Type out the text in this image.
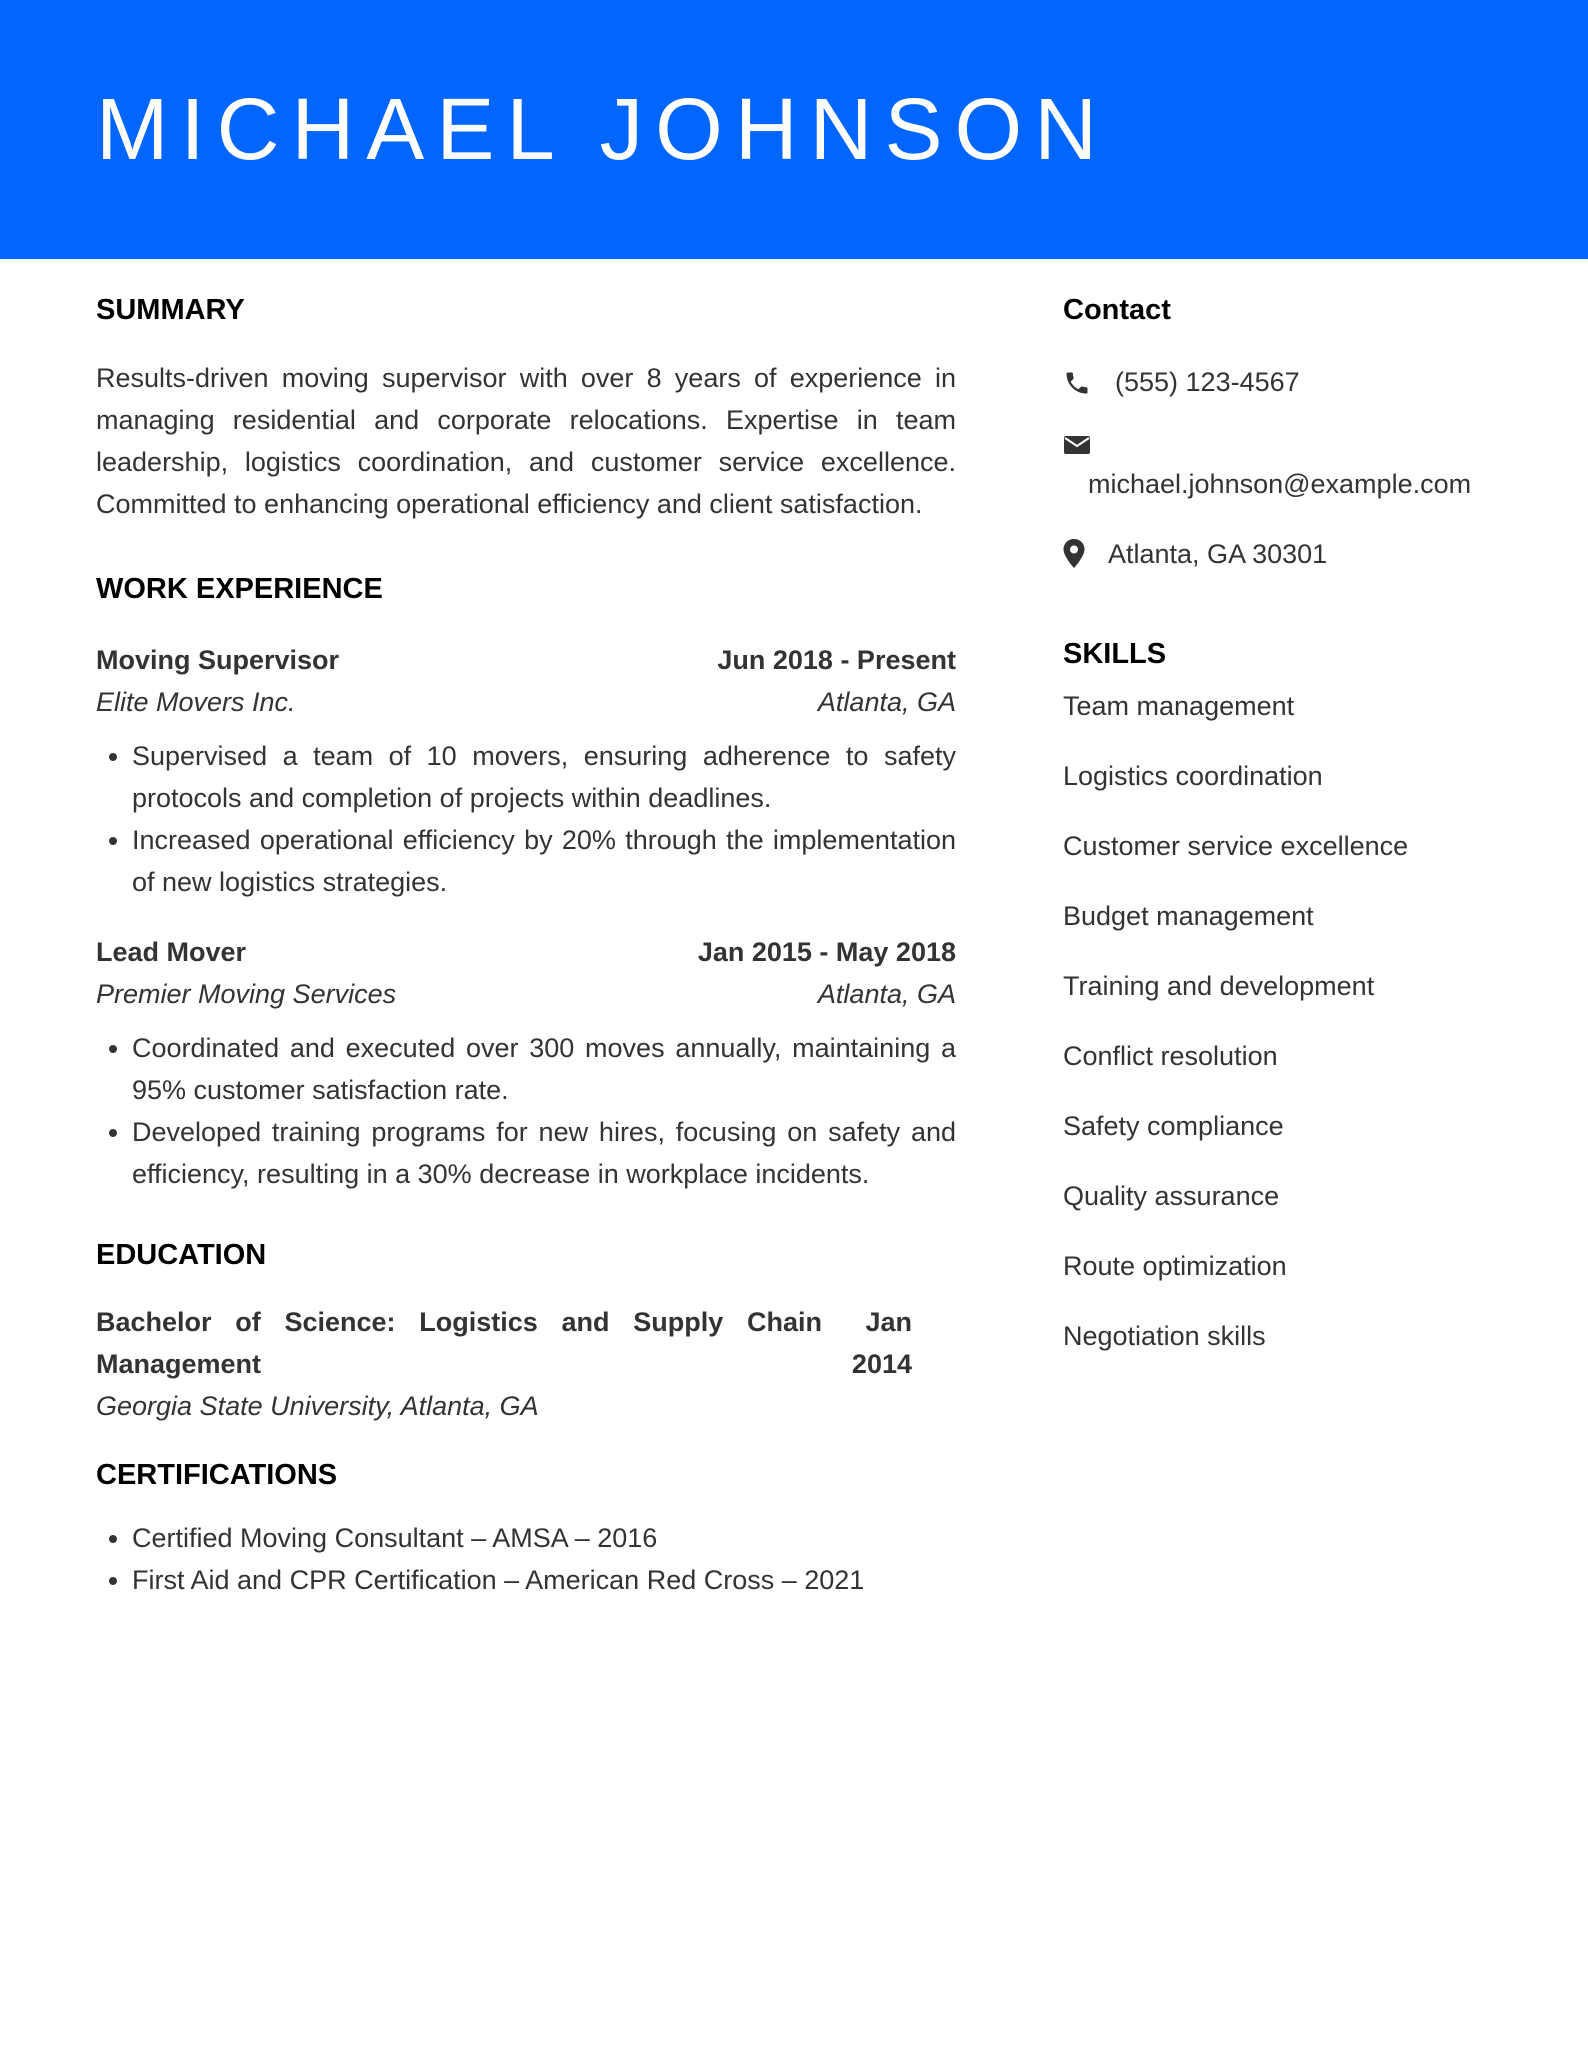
MICHAEL JOHNSON
SUMMARY

Results-driven moving supervisor with over 8 years of experience in managing residential and corporate relocations. Expertise in team leadership, logistics coordination, and customer service excellence. Committed to enhancing operational efficiency and client satisfaction.

WORK EXPERIENCE
Moving Supervisor	Jun 2018 - Present
Elite Movers Inc.	Atlanta, GA
• Supervised a team of 10 movers, ensuring adherence to safety protocols and completion of projects within deadlines.
• Increased operational efficiency by 20% through the implementation of new logistics strategies.
Lead Mover	Jan 2015 - May 2018
Premier Moving Services	Atlanta, GA
• Coordinated and executed over 300 moves annually, maintaining a 95% customer satisfaction rate.
• Developed training programs for new hires, focusing on safety and efficiency, resulting in a 30% decrease in workplace incidents.
EDUCATION
Bachelor of Science: Logistics and Supply Chain Management
Jan 2014
Georgia State University, Atlanta, GA
CERTIFICATIONS
• Certified Moving Consultant – AMSA – 2016
• First Aid and CPR Certification – American Red Cross – 2021
Contact
(555) 123-4567
michael.johnson@example.com
Atlanta, GA 30301
SKILLS
Team management
Logistics coordination
Customer service excellence
Budget management
Training and development
Conflict resolution
Safety compliance
Quality assurance
Route optimization
Negotiation skills
